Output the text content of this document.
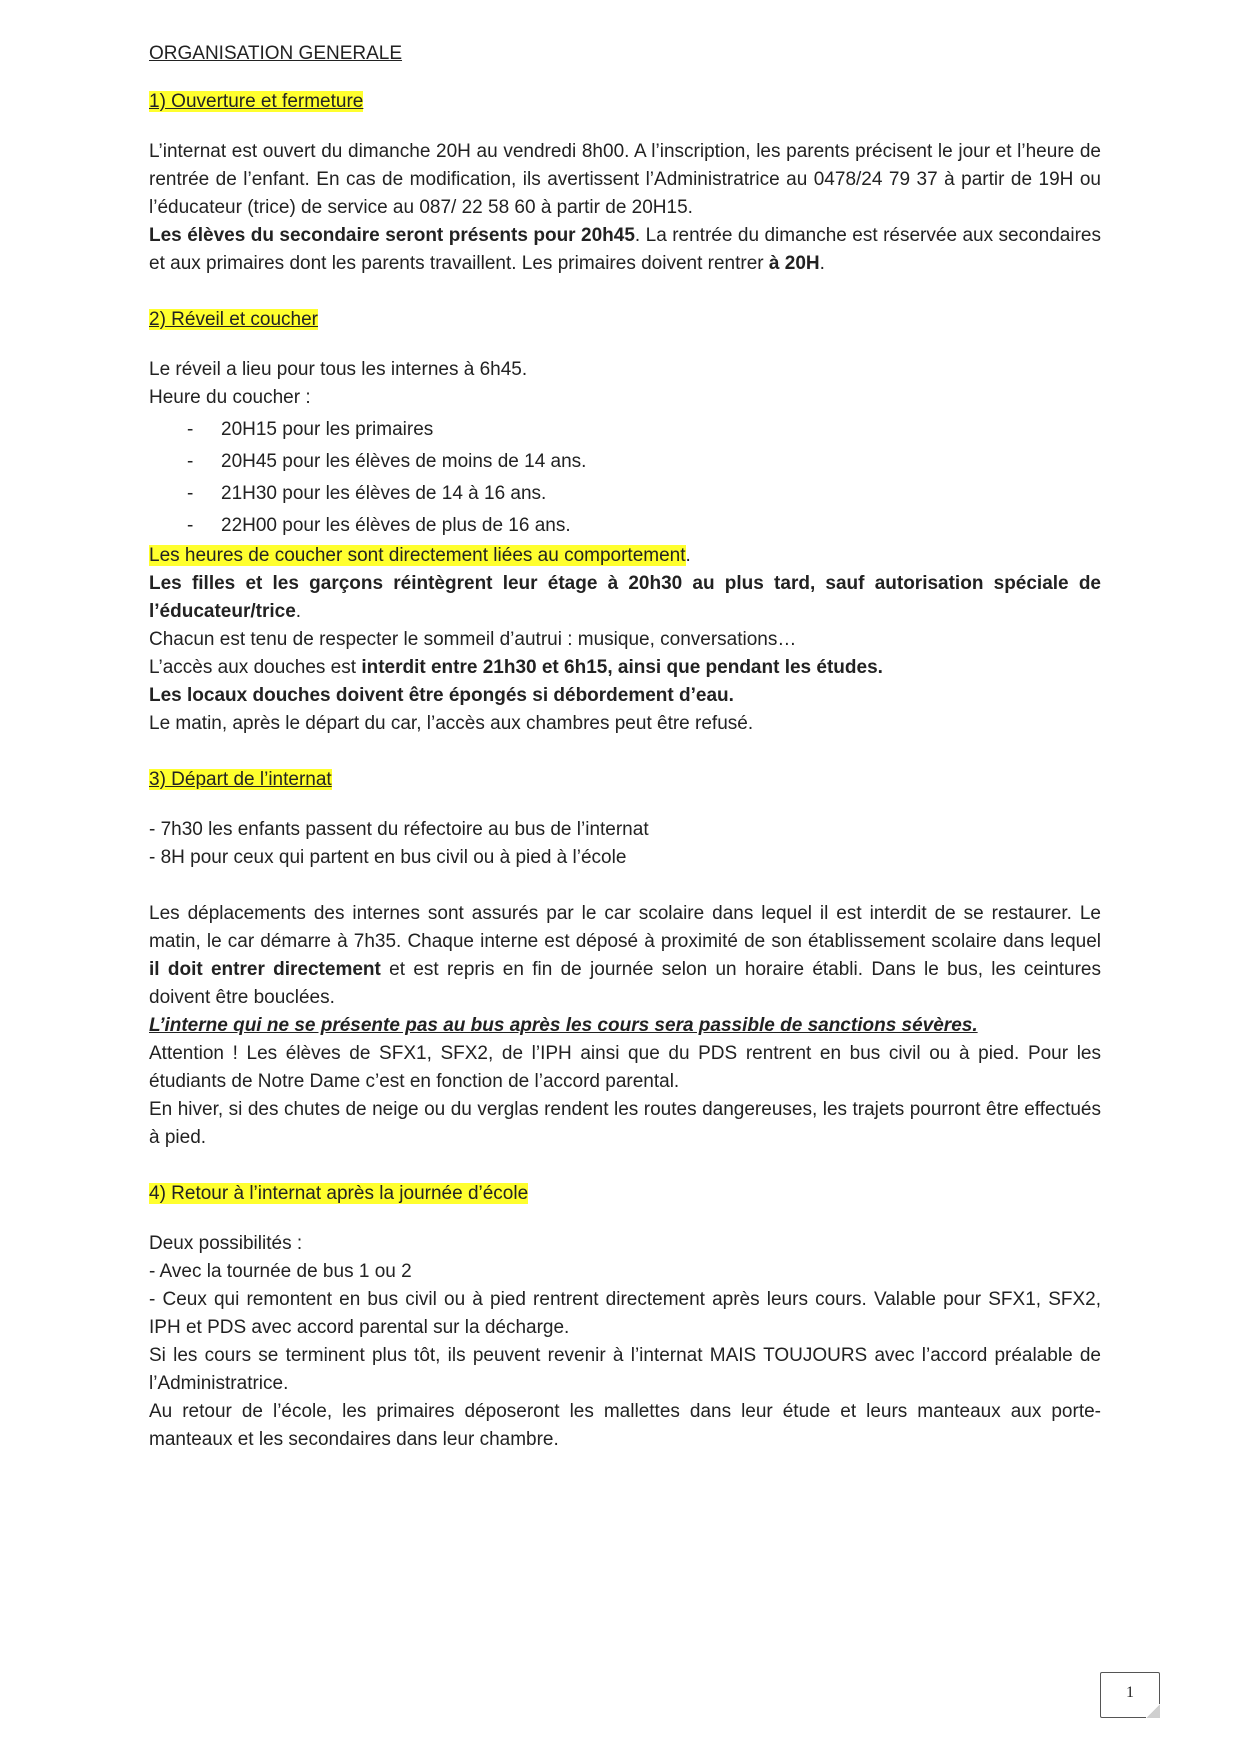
ORGANISATION GENERALE
1) Ouverture et fermeture

L’internat est ouvert du dimanche 20H au vendredi 8h00. A l’inscription, les parents précisent le jour et l’heure de rentrée de l’enfant. En cas de modification, ils avertissent l’Administratrice au 0478/24 79 37 à partir de 19H ou l’éducateur (trice) de service au 087/ 22 58 60 à partir de 20H15.

Les élèves du secondaire seront présents pour 20h45. La rentrée du dimanche est réservée aux secondaires et aux primaires dont les parents travaillent. Les primaires doivent rentrer à 20H.

2) Réveil et coucher
Le réveil a lieu pour tous les internes à 6h45.
Heure du coucher :
- 20H15 pour les primaires
- 20H45 pour les élèves de moins de 14 ans.
- 21H30 pour les élèves de 14 à 16 ans.
- 22H00 pour les élèves de plus de 16 ans.
Les heures de coucher sont directement liées au comportement.

Les filles et les garçons réintègrent leur étage à 20h30 au plus tard, sauf autorisation spéciale de l’éducateur/trice.

Chacun est tenu de respecter le sommeil d’autrui : musique, conversations…
L’accès aux douches est interdit entre 21h30 et 6h15, ainsi que pendant les études.
Les locaux douches doivent être épongés si débordement d’eau.
Le matin, après le départ du car, l’accès aux chambres peut être refusé.
3) Départ de l’internat
- 7h30 les enfants passent du réfectoire au bus de l’internat
- 8H pour ceux qui partent en bus civil ou à pied à l’école

Les déplacements des internes sont assurés par le car scolaire dans lequel il est interdit de se restaurer. Le matin, le car démarre à 7h35. Chaque interne est déposé à proximité de son établissement scolaire dans lequel il doit entrer directement et est repris en fin de journée selon un horaire établi. Dans le bus, les ceintures doivent être bouclées.

L’interne qui ne se présente pas au bus après les cours sera passible de sanctions sévères.

Attention ! Les élèves de SFX1, SFX2, de l’IPH ainsi que du PDS rentrent en bus civil ou à pied. Pour les étudiants de Notre Dame c’est en fonction de l’accord parental.

En hiver, si des chutes de neige ou du verglas rendent les routes dangereuses, les trajets pourront être effectués à pied.

4) Retour à l’internat après la journée d’école
Deux possibilités :
- Avec la tournée de bus 1 ou 2

- Ceux qui remontent en bus civil ou à pied rentrent directement après leurs cours. Valable pour SFX1, SFX2, IPH et PDS avec accord parental sur la décharge.

Si les cours se terminent plus tôt, ils peuvent revenir à l’internat MAIS TOUJOURS avec l’accord préalable de l’Administratrice.

Au retour de l’école, les primaires déposeront les mallettes dans leur étude et leurs manteaux aux porte-manteaux et les secondaires dans leur chambre.

1
